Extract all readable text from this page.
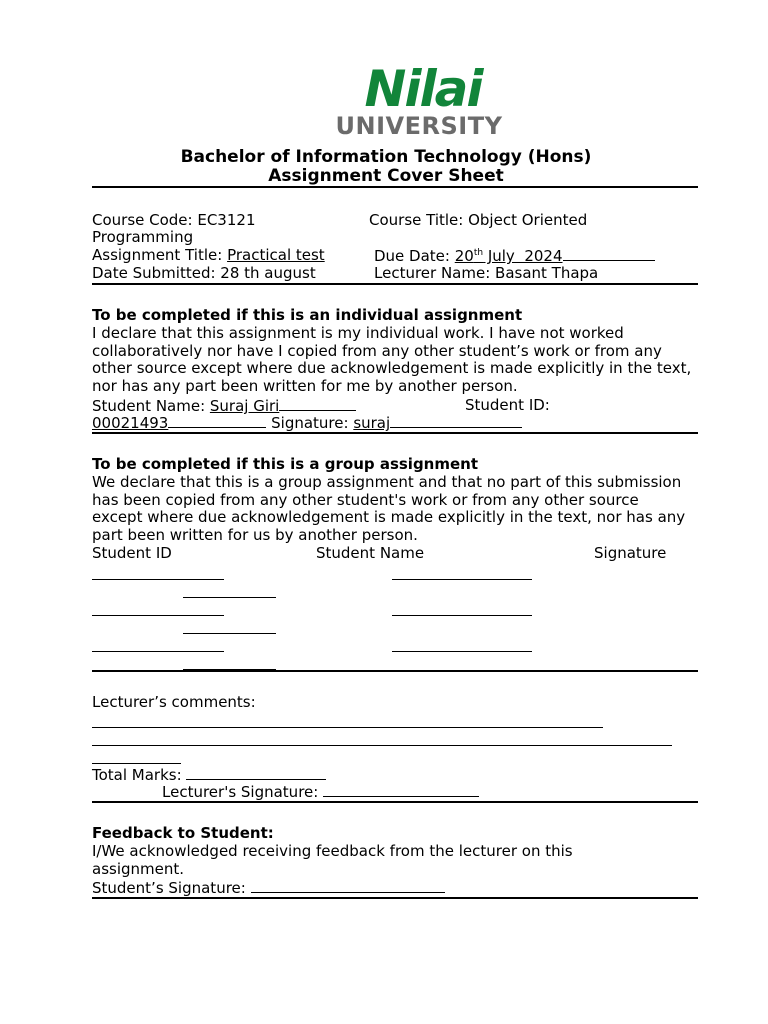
Nilai
UNIVERSITY
Bachelor of Information Technology (Hons)
Assignment Cover Sheet
Course Code: EC3121	Course Title: Object Oriented
Programming
Assignment Title: Practical test	Due Date: 20th July  2024
Date Submitted: 28 th august	Lecturer Name: Basant Thapa
To be completed if this is an individual assignment
I declare that this assignment is my individual work. I have not worked collaboratively nor have I copied from any other student’s work or from any other source except where due acknowledgement is made explicitly in the text, nor has any part been written for me by another person.
Student Name: Suraj Giri	Student ID:
00021493	Signature: suraj
To be completed if this is a group assignment
We declare that this is a group assignment and that no part of this submission has been copied from any other student's work or from any other source except where due acknowledgement is made explicitly in the text, nor has any part been written for us by another person.
Student ID	Student Name	Signature
Lecturer’s comments:
Total Marks:
Lecturer's Signature:
Feedback to Student:
I/We acknowledged receiving feedback from the lecturer on this assignment.
Student’s Signature:
